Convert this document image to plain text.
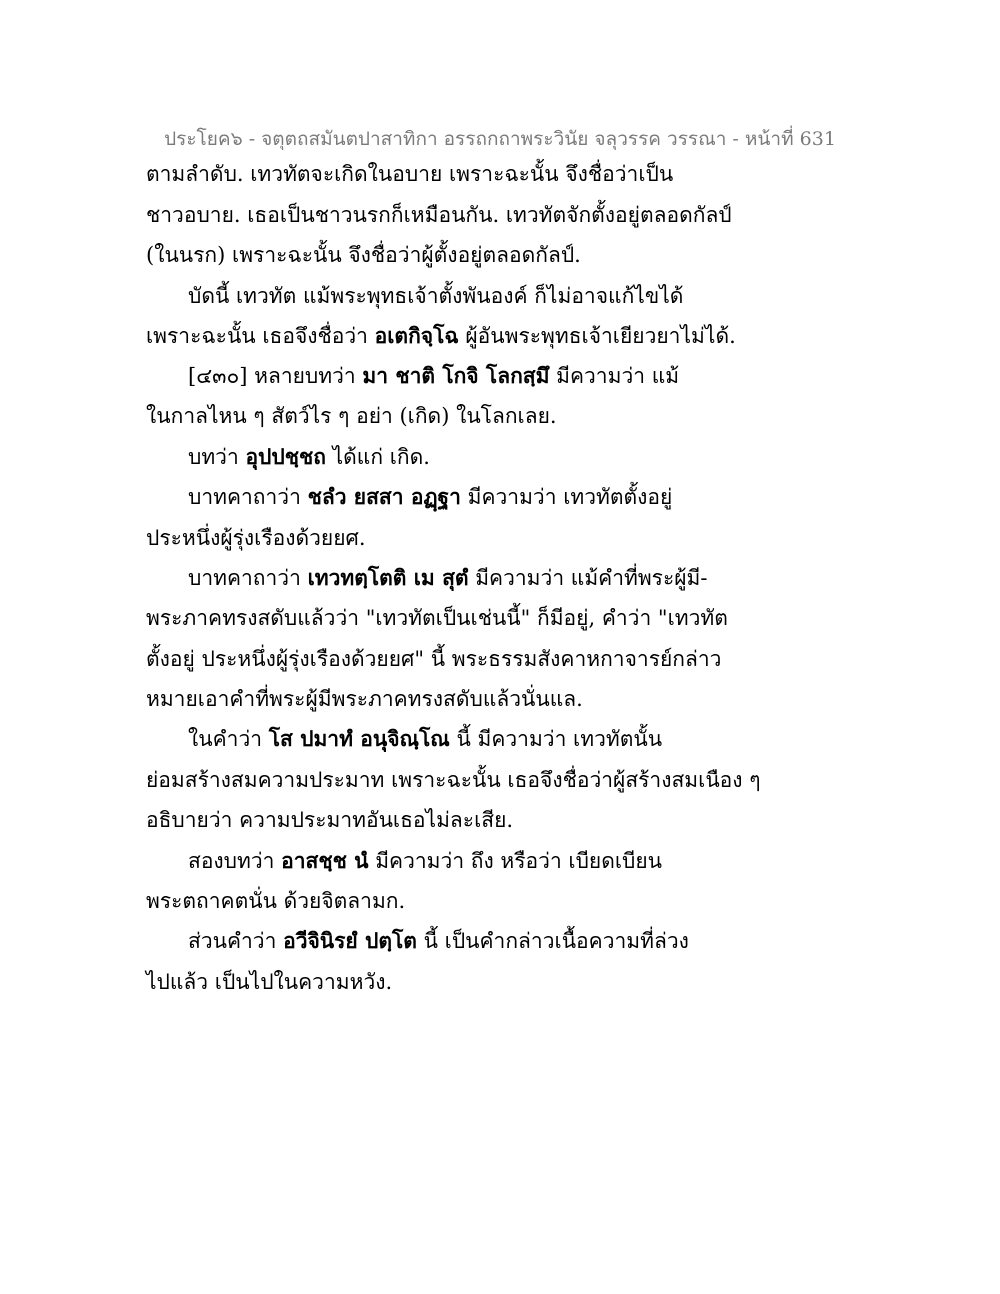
ประโยค๖ - จตุตถสมันตปาสาทิกา อรรถกถาพระวินัย จลุวรรค วรรณา - หน้าที่ 631
ตามลำดับ. เทวทัตจะเกิดในอบาย เพราะฉะนั้น จึงชื่อว่าเป็น
ชาวอบาย. เธอเป็นชาวนรกก็เหมือนกัน. เทวทัตจักตั้งอยู่ตลอดกัลป์
(ในนรก) เพราะฉะนั้น จึงชื่อว่าผู้ตั้งอยู่ตลอดกัลป์.
บัดนี้ เทวทัต แม้พระพุทธเจ้าตั้งพันองค์ ก็ไม่อาจแก้ไขได้
เพราะฉะนั้น เธอจึงชื่อว่า อเตกิจฺโฉ ผู้อันพระพุทธเจ้าเยียวยาไม่ได้.
[๔๓๐] หลายบทว่า มา ชาติ โกจิ โลกสฺมึ มีความว่า แม้
ในกาลไหน ๆ สัตว์ไร ๆ อย่า (เกิด) ในโลกเลย.
บทว่า อุปปชฺชถ ได้แก่ เกิด.
บาทคาถาว่า ชลํว ยสสา อฏฺฐา มีความว่า เทวทัตตั้งอยู่
ประหนึ่งผู้รุ่งเรืองด้วยยศ.
บาทคาถาว่า เทวทตฺโตติ เม สุตํ มีความว่า แม้คำที่พระผู้มี-
พระภาคทรงสดับแล้วว่า "เทวทัตเป็นเช่นนี้" ก็มีอยู่, คำว่า "เทวทัต
ตั้งอยู่ ประหนึ่งผู้รุ่งเรืองด้วยยศ" นี้ พระธรรมสังคาหกาจารย์กล่าว
หมายเอาคำที่พระผู้มีพระภาคทรงสดับแล้วนั่นแล.
ในคำว่า โส ปมาทํ อนุจิณฺโณ นี้ มีความว่า เทวทัตนั้น
ย่อมสร้างสมความประมาท เพราะฉะนั้น เธอจึงชื่อว่าผู้สร้างสมเนือง ๆ
อธิบายว่า ความประมาทอันเธอไม่ละเสีย.
สองบทว่า อาสชฺช นํ มีความว่า ถึง หรือว่า เบียดเบียน
พระตถาคตนั่น ด้วยจิตลามก.
ส่วนคำว่า อวีจินิรยํ ปตฺโต นี้ เป็นคำกล่าวเนื้อความที่ล่วง
ไปแล้ว เป็นไปในความหวัง.
